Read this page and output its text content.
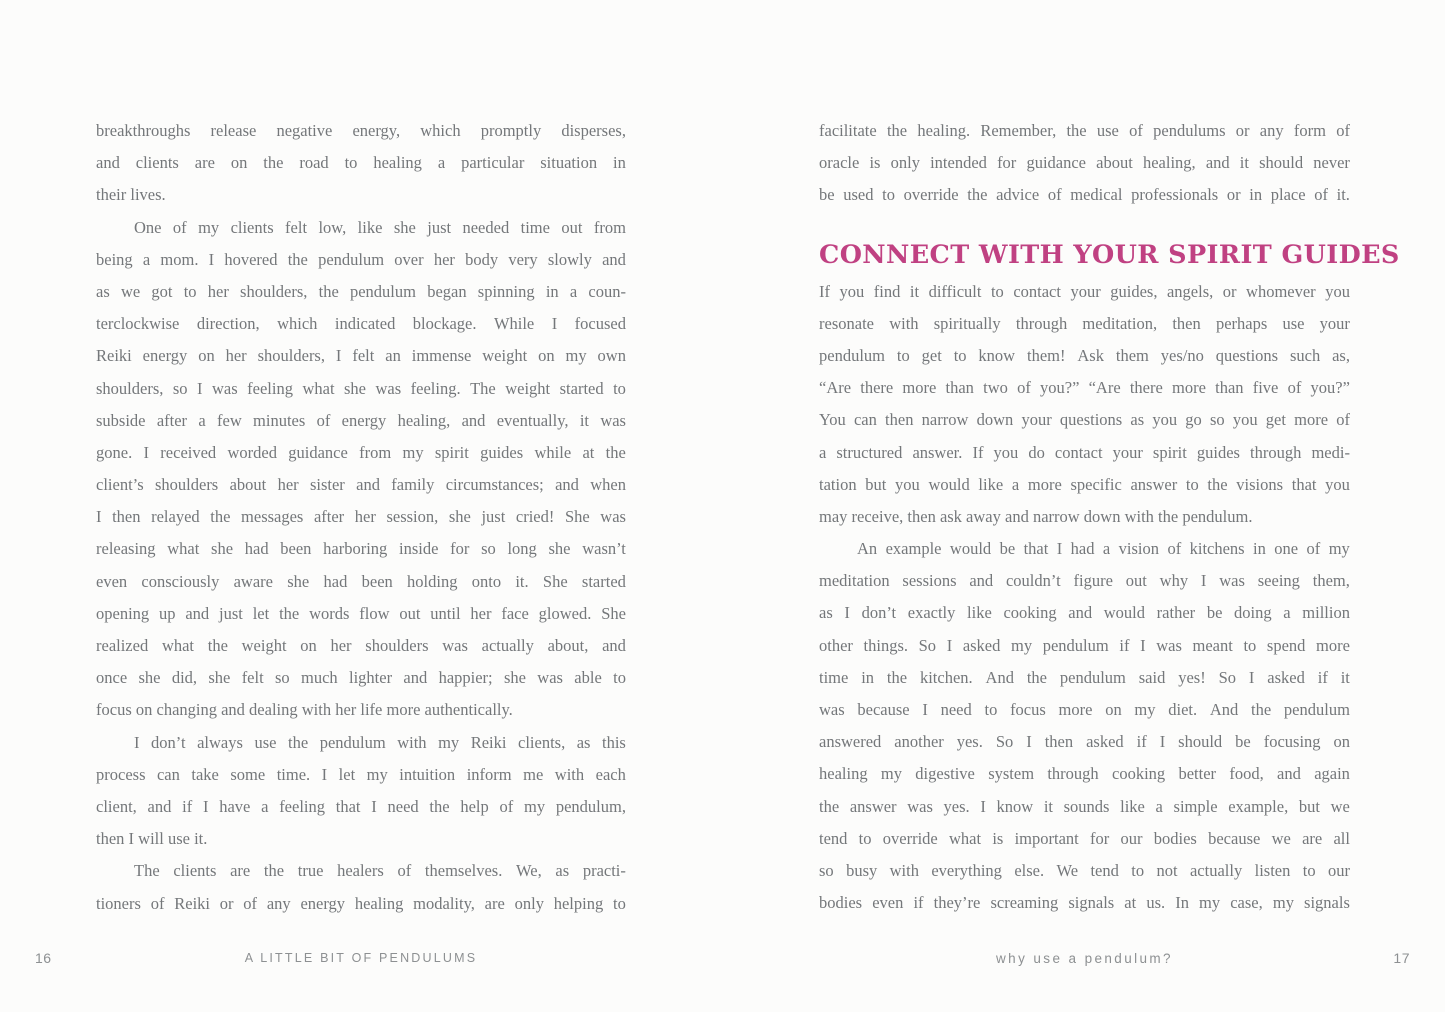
breakthroughs release negative energy, which promptly disperses,
and clients are on the road to healing a particular situation in
their lives.
One of my clients felt low, like she just needed time out from
being a mom. I hovered the pendulum over her body very slowly and
as we got to her shoulders, the pendulum began spinning in a coun-
terclockwise direction, which indicated blockage. While I focused
Reiki energy on her shoulders, I felt an immense weight on my own
shoulders, so I was feeling what she was feeling. The weight started to
subside after a few minutes of energy healing, and eventually, it was
gone. I received worded guidance from my spirit guides while at the
client’s shoulders about her sister and family circumstances; and when
I then relayed the messages after her session, she just cried! She was
releasing what she had been harboring inside for so long she wasn’t
even consciously aware she had been holding onto it. She started
opening up and just let the words flow out until her face glowed. She
realized what the weight on her shoulders was actually about, and
once she did, she felt so much lighter and happier; she was able to
focus on changing and dealing with her life more authentically.
I don’t always use the pendulum with my Reiki clients, as this
process can take some time. I let my intuition inform me with each
client, and if I have a feeling that I need the help of my pendulum,
then I will use it.
The clients are the true healers of themselves. We, as practi-
tioners of Reiki or of any energy healing modality, are only helping to
facilitate the healing. Remember, the use of pendulums or any form of
oracle is only intended for guidance about healing, and it should never
be used to override the advice of medical professionals or in place of it.
CONNECT WITH YOUR SPIRIT GUIDES
If you find it difficult to contact your guides, angels, or whomever you
resonate with spiritually through meditation, then perhaps use your
pendulum to get to know them! Ask them yes/no questions such as,
“Are there more than two of you?” “Are there more than five of you?”
You can then narrow down your questions as you go so you get more of
a structured answer. If you do contact your spirit guides through medi-
tation but you would like a more specific answer to the visions that you
may receive, then ask away and narrow down with the pendulum.
An example would be that I had a vision of kitchens in one of my
meditation sessions and couldn’t figure out why I was seeing them,
as I don’t exactly like cooking and would rather be doing a million
other things. So I asked my pendulum if I was meant to spend more
time in the kitchen. And the pendulum said yes! So I asked if it
was because I need to focus more on my diet. And the pendulum
answered another yes. So I then asked if I should be focusing on
healing my digestive system through cooking better food, and again
the answer was yes. I know it sounds like a simple example, but we
tend to override what is important for our bodies because we are all
so busy with everything else. We tend to not actually listen to our
bodies even if they’re screaming signals at us. In my case, my signals
16	A LITTLE BIT OF PENDULUMS	why use a pendulum?	17
